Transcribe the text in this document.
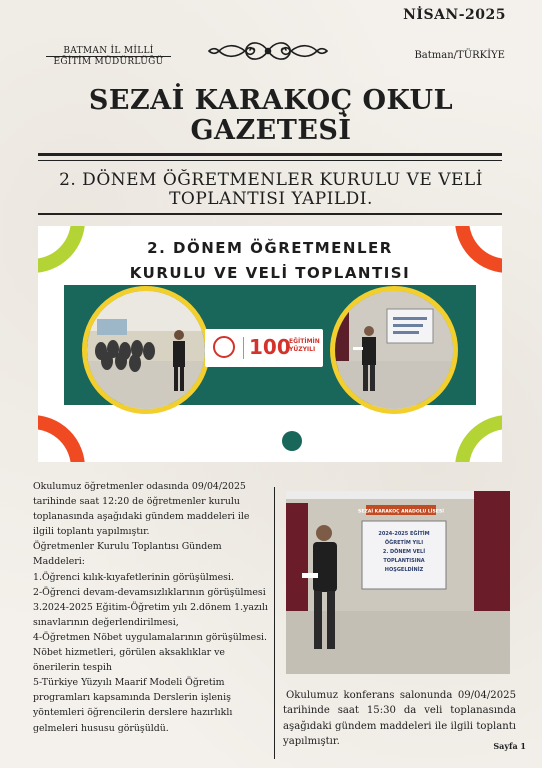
NİSAN-2025
BATMAN İL MİLLİ
EĞİTİM MÜDÜRLÜĞÜ
Batman/TÜRKİYE
SEZAİ KARAKOÇ OKUL
GAZETESİ
2. DÖNEM ÖĞRETMENLER KURULU VE VELİ
TOPLANTISI YAPILDI.
2. DÖNEM ÖĞRETMENLER
KURULU VE VELİ TOPLANTISI
100
EĞİTİMİN
YÜZYILI
Okulumuz öğretmenler odasında 09/04/2025 tarihinde saat 12:20 de öğretmenler kurulu toplanasında aşağıdaki gündem maddeleri ile ilgili toplantı yapılmıştır.
Öğretmenler Kurulu Toplantısı Gündem Maddeleri:
1.Öğrenci kılık-kıyafetlerinin görüşülmesi.
2-Öğrenci devam-devamsızlıklarının görüşülmesi
3.2024-2025 Eğitim-Öğretim yılı 2.dönem 1.yazılı sınavlarının değerlendirilmesi,
4-Öğretmen Nöbet uygulamalarının görüşülmesi. Nöbet hizmetleri, görülen aksaklıklar ve önerilerin tespih
5-Türkiye Yüzyılı Maarif Modeli Öğretim programları kapsamında Derslerin işleniş yöntemleri öğrencilerin derslere hazırlıklı gelmeleri hususu görüşüldü.
SEZAİ KARAKOÇ ANADOLU LİSESİ
2024-2025 EĞİTİM
ÖĞRETİM YILI
2. DÖNEM VELİ
TOPLANTISINA
HOŞGELDİNİZ
Okulumuz konferans salonunda 09/04/2025 tarihinde saat 15:30 da veli toplanasında aşağıdaki gündem maddeleri ile ilgili toplantı yapılmıştır.	Sayfa 1
